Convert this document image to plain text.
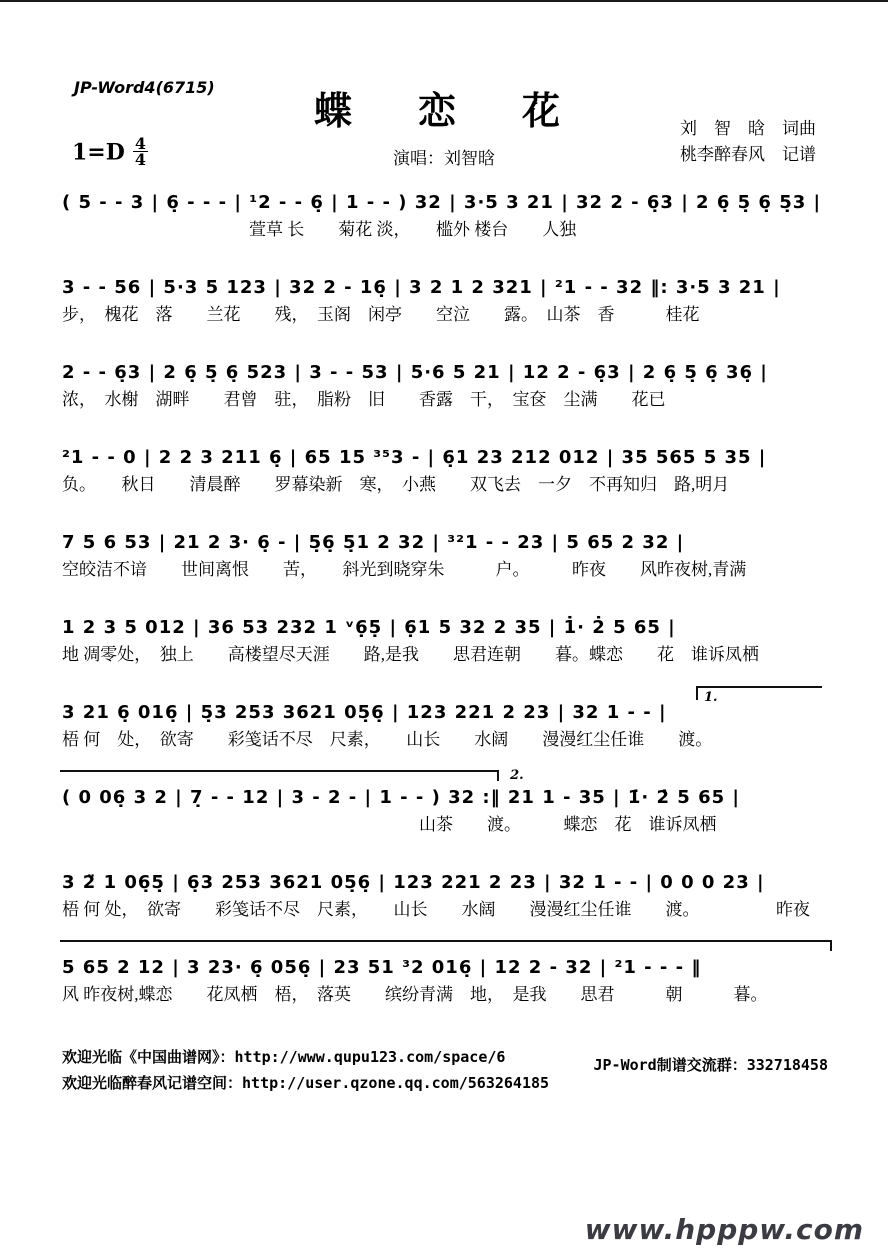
JP-Word4(6715)
蝶　恋　花	刘　智　晗　词曲
桃李醉春风　记谱
$1=D \frac{4}{4}$	演唱：刘智晗
( 5 - - 3 | 6̣ - - - | ¹2 - - 6̣ | 1 - - ) 32 | 3·5 3 21 | 32 2 - 6̣3 | 2 6̣ 5̣ 6̣ 5̣3 |
　　　　　　　　　　　萱草 长　　菊花 淡，　　槛外 楼台　　人独
3 - - 56 | 5·3 5 123 | 32 2 - 16̣ | 3 2 1 2 321 | ²1 - - 32 ‖: 3·5 3 21 |
步，　槐花　落　　兰花　　残，　玉阁　闲亭　　空泣　　露。　山茶　香　　　桂花
2 - - 6̣3 | 2 6̣ 5̣ 6̣ 523 | 3 - - 53 | 5·6 5 21 | 12 2 - 6̣3 | 2 6̣ 5̣ 6̣ 36̣ |
浓，　水榭　湖畔　　君曾　驻，　脂粉　旧　　香露　干，　宝奁　尘满　　花已
²1 - - 0 | 2 2 3 211 6̣ | 65 15 ³⁵3 - | 6̣1 23 212 012 | 35 565 5 35 |
负。　　秋日　　清晨醉　　罗幕染新　寒，　小燕　　双飞去　一夕　不再知归　路,明月
7 5 6 53 | 21 2 3· 6̣ - | 5̣6̣ 5̣1 2 32 | ³²1 - - 23 | 5 65 2 32 |
空皎洁不谙　　世间离恨　　苦，　　斜光到晓穿朱　　　户。　　　昨夜　　风昨夜树,青满
1 2 3 5 012 | 36 53 232 1 ᵛ6̣5̣ | 6̣1 5 32 2 35 | 1̇· 2̇ 5 65 |
地 凋零处，　独上　　高楼望尽天涯　　路,是我　　思君连朝　　暮。蝶恋　　花　谁诉凤栖
1.
3 21 6̣ 016̣ | 5̣3 253 3621 05̣6̣ | 123 221 2 23 | 32 1 - - |
梧 何　处，　欲寄　　彩笺话不尽　尺素，　　山长　　水阔　　漫漫红尘任谁　　渡。
2.
( 0 06̣ 3 2 | 7̣ - - 12 | 3 - 2 - | 1 - - ) 32 :‖ 21 1 - 35 | 1̇· 2̇ 5 65 |
　　　　　　　　　　　　　　　　　　　　　山茶　　渡。　　　蝶恋　花　谁诉凤栖
3 2̈ 1 06̣5̣ | 6̣3 253 3621 05̣6̣ | 123 221 2 23 | 32 1 - - | 0 0 0 23 |
梧 何 处，　欲寄　　彩笺话不尽　尺素，　　山长　　水阔　　漫漫红尘任谁　　渡。　　　　　昨夜
5 65 2 12 | 3 23· 6̣ 056̣ | 23 51 ³2 016̣ | 12 2 - 32 | ²1 - - - ‖
风 昨夜树,蝶恋　　花凤栖　梧，　落英　　缤纷青满　地，　是我　　思君　　　朝　　　暮。
欢迎光临《中国曲谱网》：http://www.qupu123.com/space/6
欢迎光临醉春风记谱空间：http://user.qzone.qq.com/563264185
JP-Word制谱交流群：332718458
www.hpppw.com
